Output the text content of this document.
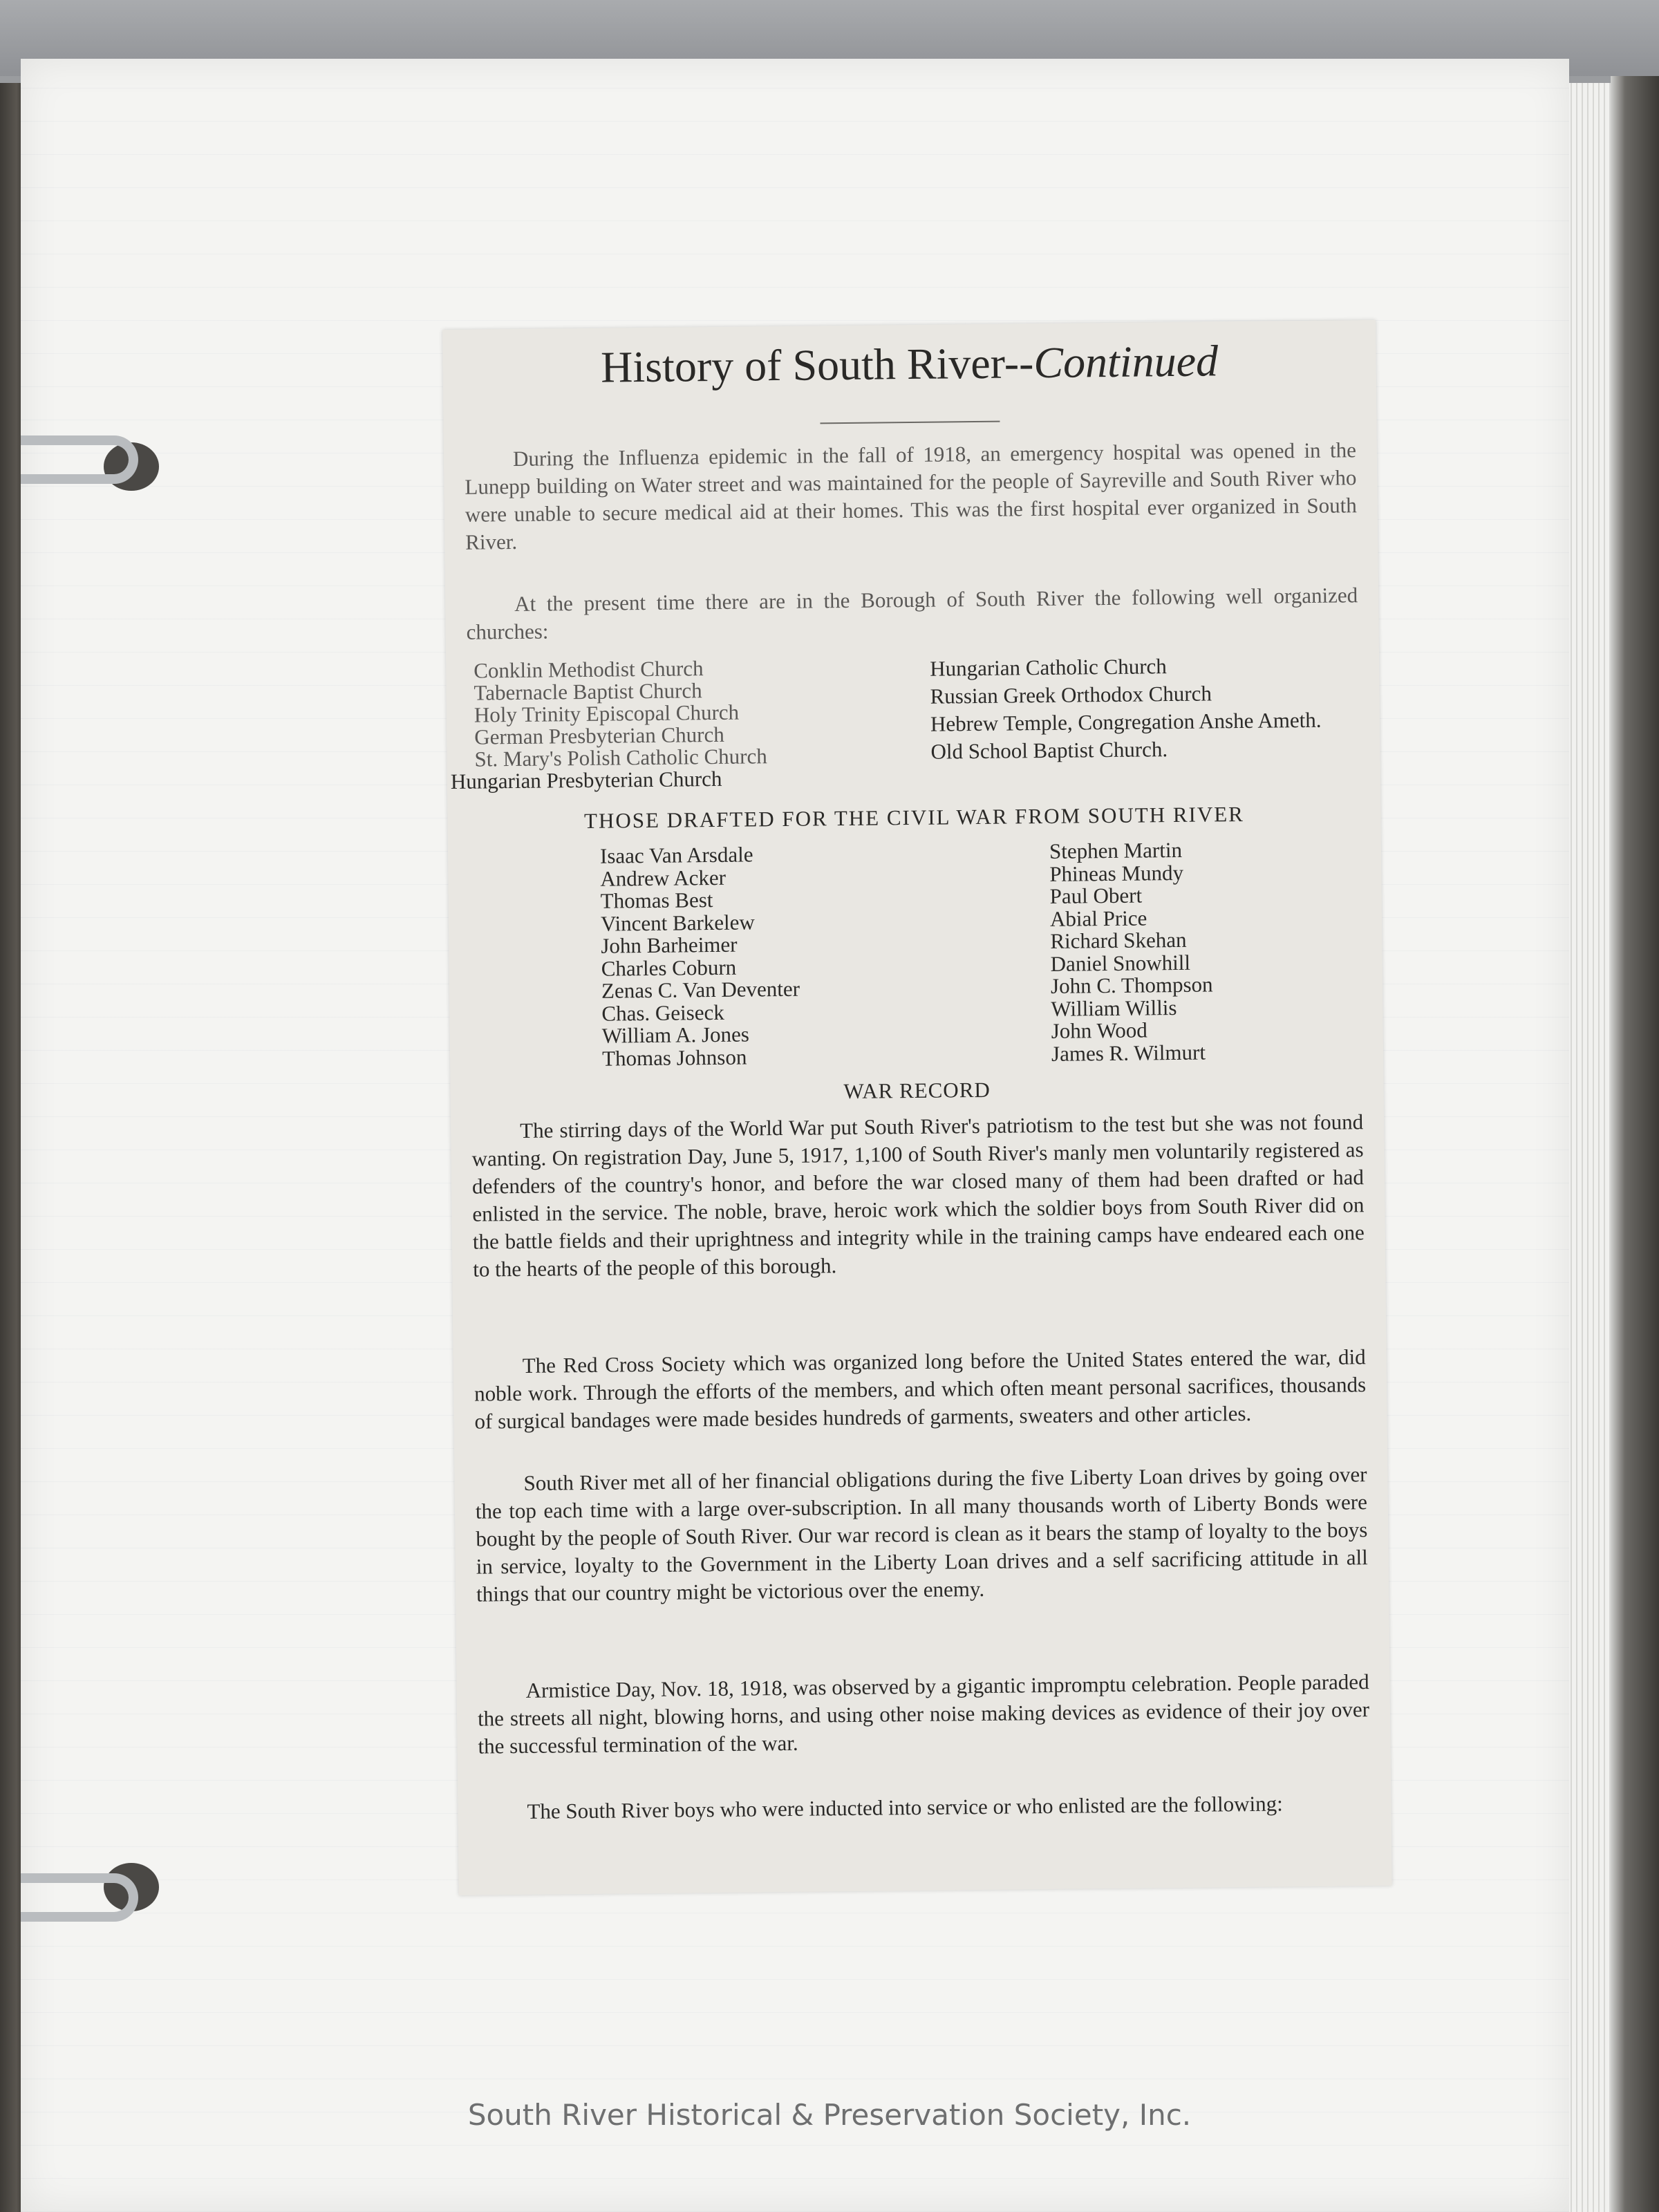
History of South River--Continued

During the Influenza epidemic in the fall of 1918, an emergency hospital was opened in the Lunepp building on Water street and was maintained for the people of Sayreville and South River who were unable to secure medical aid at their homes. This was the first hospital ever organized in South River.

At the present time there are in the Borough of South River the following well organized churches:

Conklin Methodist Church
Tabernacle Baptist Church
Holy Trinity Episcopal Church
German Presbyterian Church
St. Mary's Polish Catholic Church
Hungarian Presbyterian Church
Hungarian Catholic Church
Russian Greek Orthodox Church
Hebrew Temple, Congregation Anshe Ameth.
Old School Baptist Church.
THOSE DRAFTED FOR THE CIVIL WAR FROM SOUTH RIVER
Isaac Van Arsdale
Andrew Acker
Thomas Best
Vincent Barkelew
John Barheimer
Charles Coburn
Zenas C. Van Deventer
Chas. Geiseck
William A. Jones
Thomas Johnson
Stephen Martin
Phineas Mundy
Paul Obert
Abial Price
Richard Skehan
Daniel Snowhill
John C. Thompson
William Willis
John Wood
James R. Wilmurt
WAR RECORD

The stirring days of the World War put South River's patriotism to the test but she was not found wanting. On registration Day, June 5, 1917, 1,100 of South River's manly men voluntarily registered as defenders of the country's honor, and before the war closed many of them had been drafted or had enlisted in the service. The noble, brave, heroic work which the soldier boys from South River did on the battle fields and their uprightness and integrity while in the training camps have endeared each one to the hearts of the people of this borough.

The Red Cross Society which was organized long before the United States entered the war, did noble work. Through the efforts of the members, and which often meant personal sacrifices, thousands of surgical bandages were made besides hundreds of garments, sweaters and other articles.

South River met all of her financial obligations during the five Liberty Loan drives by going over the top each time with a large over-subscription. In all many thousands worth of Liberty Bonds were bought by the people of South River. Our war record is clean as it bears the stamp of loyalty to the boys in service, loyalty to the Government in the Liberty Loan drives and a self sacrificing attitude in all things that our country might be victorious over the enemy.

Armistice Day, Nov. 18, 1918, was observed by a gigantic impromptu celebration. People paraded the streets all night, blowing horns, and using other noise making devices as evidence of their joy over the successful termination of the war.

The South River boys who were inducted into service or who enlisted are the following:

South River Historical & Preservation Society, Inc.
